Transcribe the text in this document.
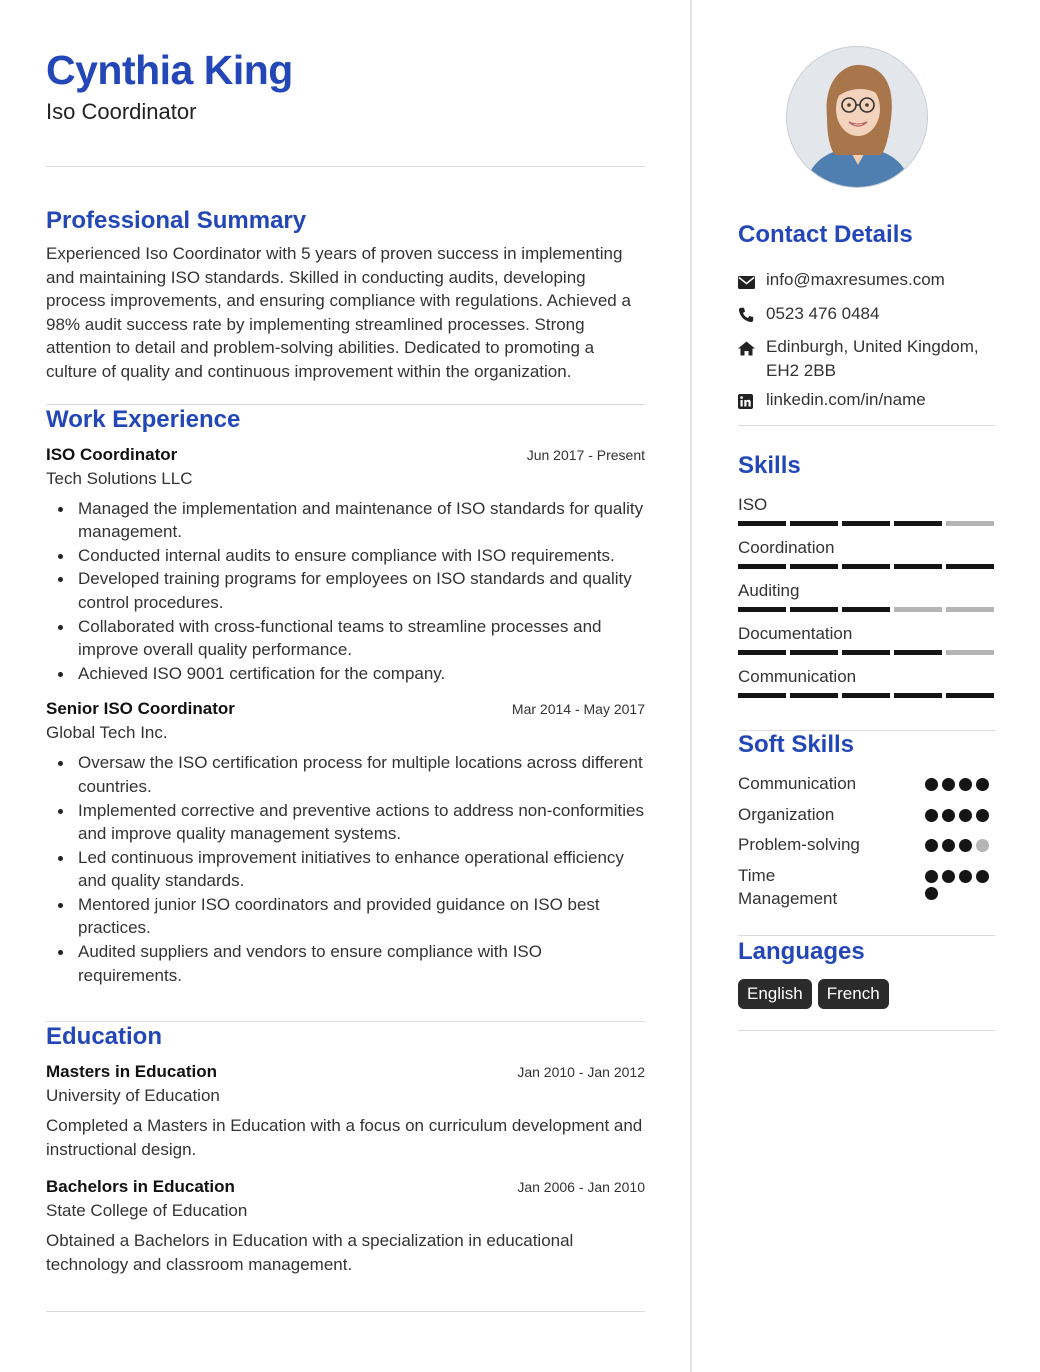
Cynthia King
Iso Coordinator
Professional Summary
Experienced Iso Coordinator with 5 years of proven success in implementing and maintaining ISO standards. Skilled in conducting audits, developing process improvements, and ensuring compliance with regulations. Achieved a 98% audit success rate by implementing streamlined processes. Strong attention to detail and problem-solving abilities. Dedicated to promoting a culture of quality and continuous improvement within the organization.
Work Experience
ISO Coordinator	Jun 2017 - Present
Tech Solutions LLC
Managed the implementation and maintenance of ISO standards for quality management.
Conducted internal audits to ensure compliance with ISO requirements.
Developed training programs for employees on ISO standards and quality control procedures.
Collaborated with cross-functional teams to streamline processes and improve overall quality performance.
Achieved ISO 9001 certification for the company.
Senior ISO Coordinator	Mar 2014 - May 2017
Global Tech Inc.
Oversaw the ISO certification process for multiple locations across different countries.
Implemented corrective and preventive actions to address non-conformities and improve quality management systems.
Led continuous improvement initiatives to enhance operational efficiency and quality standards.
Mentored junior ISO coordinators and provided guidance on ISO best practices.
Audited suppliers and vendors to ensure compliance with ISO requirements.
Education
Masters in Education	Jan 2010 - Jan 2012
University of Education
Completed a Masters in Education with a focus on curriculum development and instructional design.
Bachelors in Education	Jan 2006 - Jan 2010
State College of Education
Obtained a Bachelors in Education with a specialization in educational technology and classroom management.
Contact Details
info@maxresumes.com
0523 476 0484
Edinburgh, United Kingdom,
EH2 2BB
linkedin.com/in/name
Skills
ISO
Coordination
Auditing
Documentation
Communication
Soft Skills
Communication
Organization
Problem-solving
Time Management
Languages
English	French
